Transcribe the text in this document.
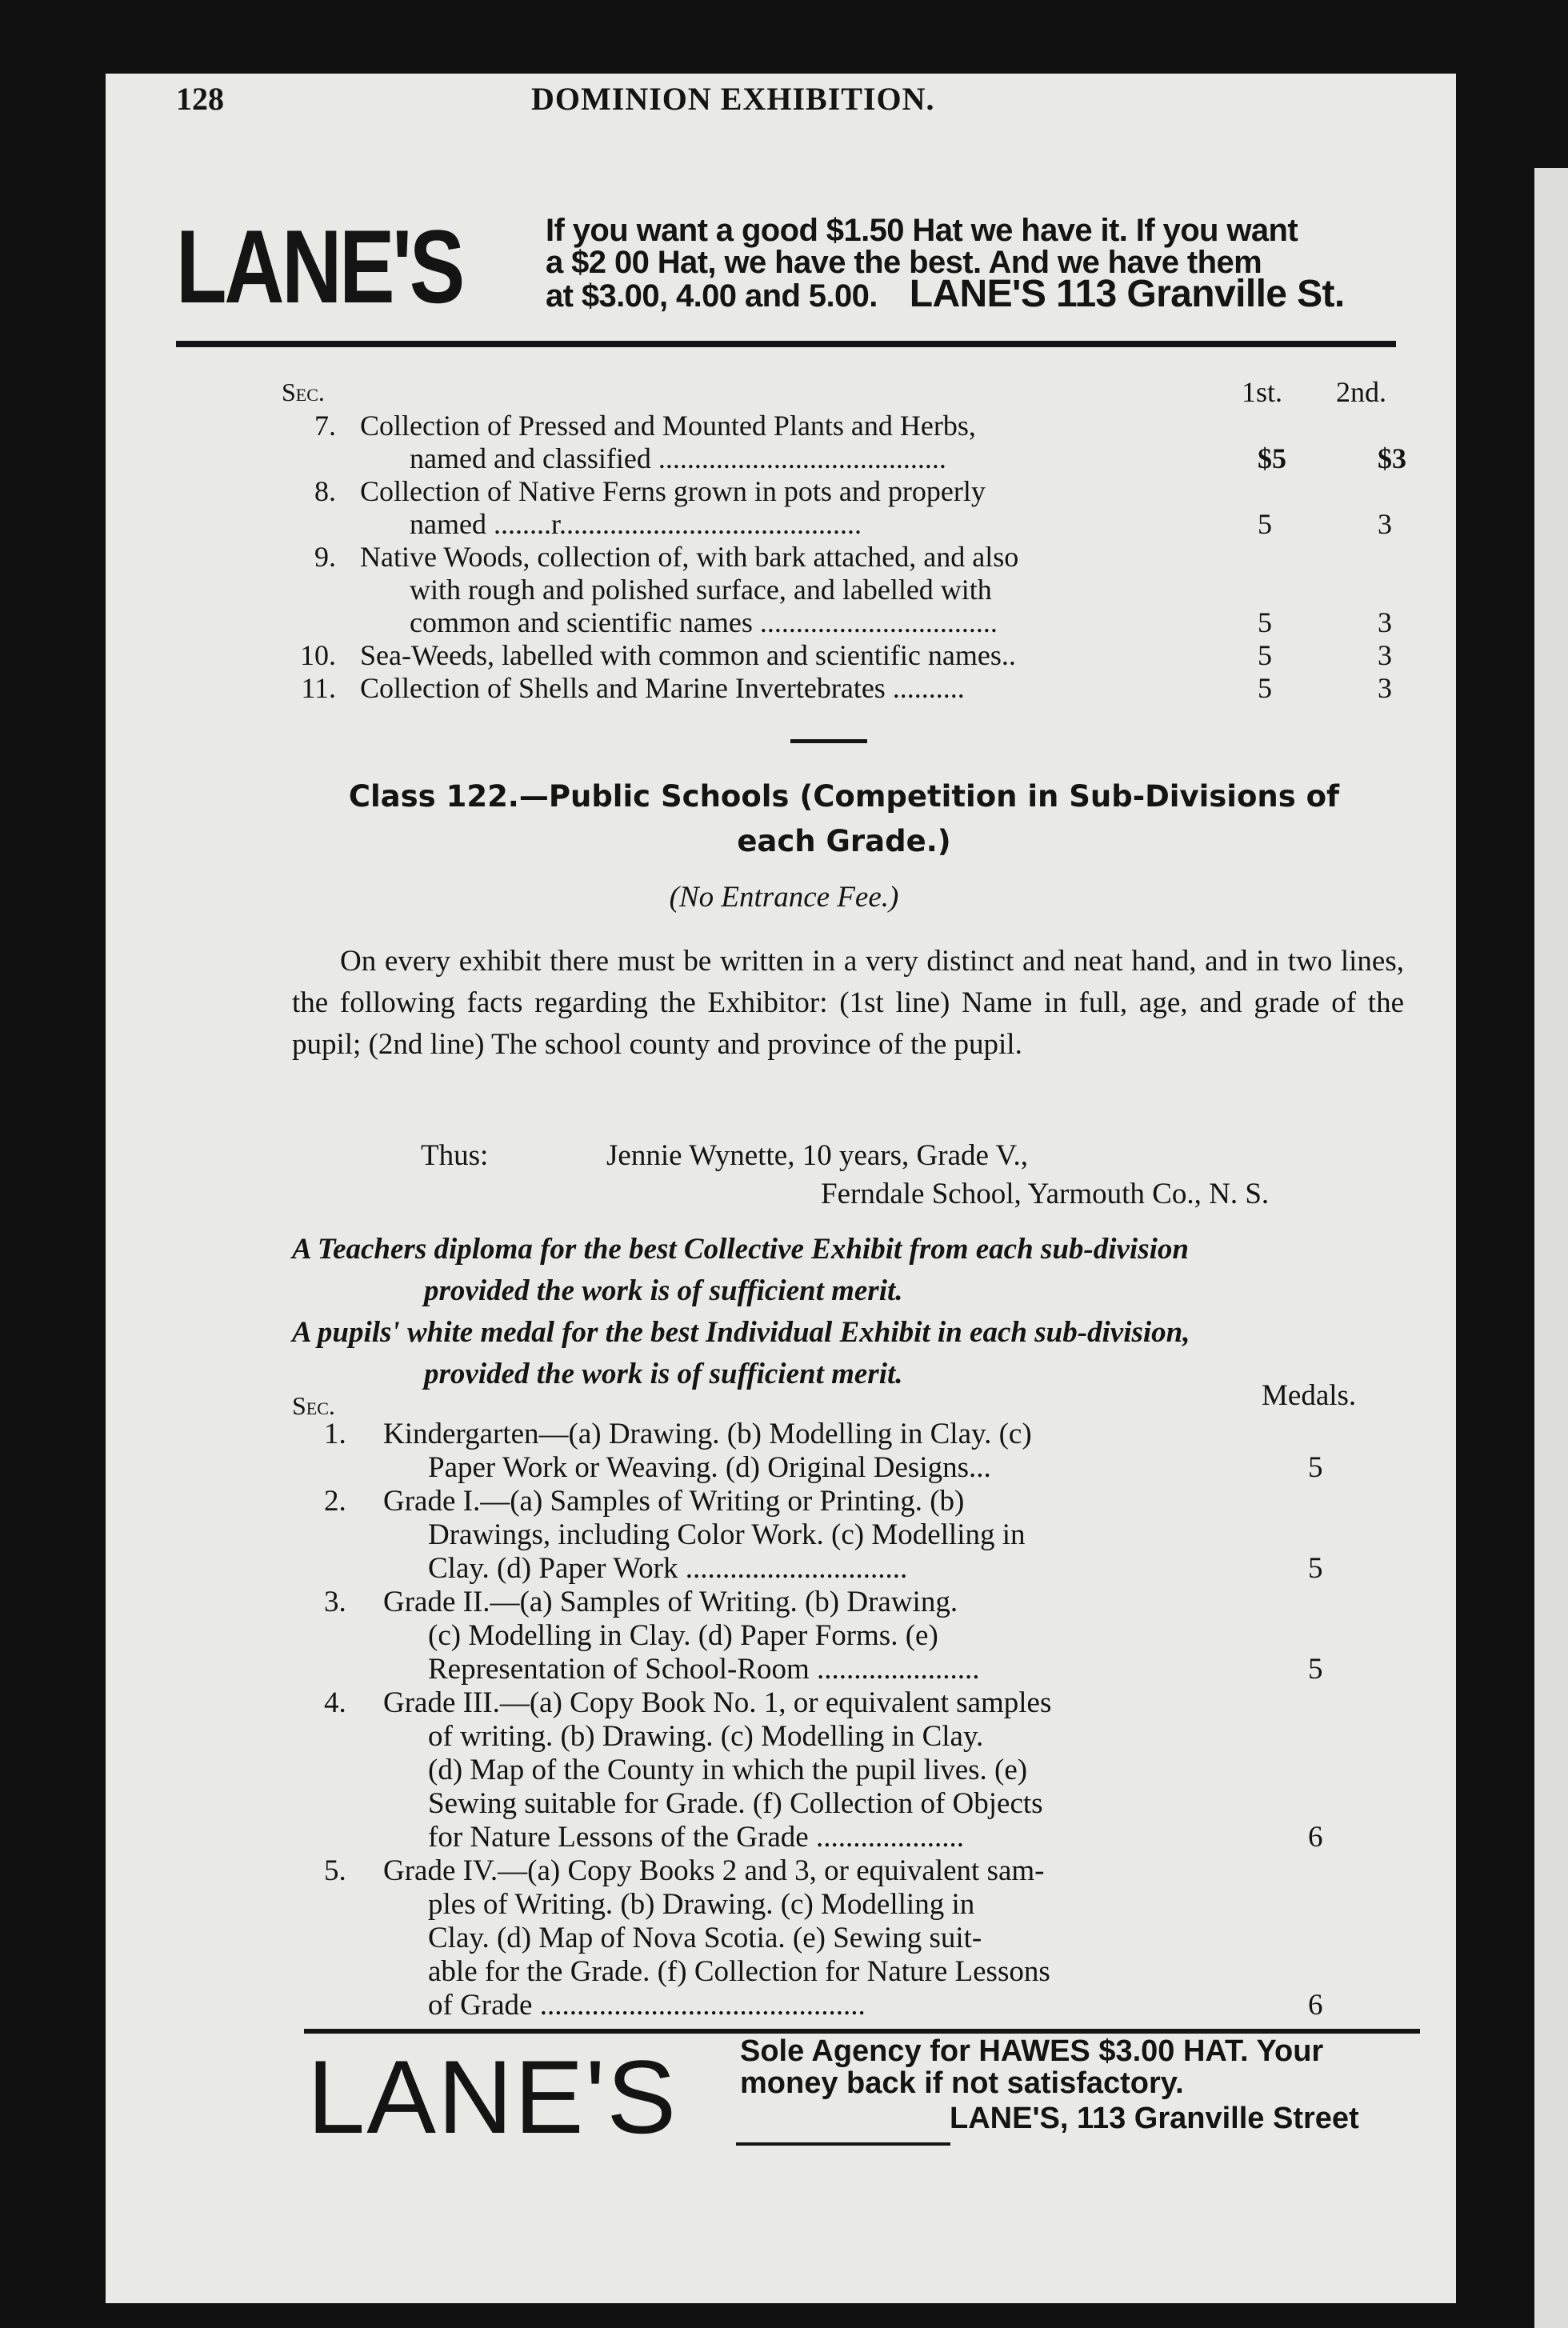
128	DOMINION EXHIBITION.
LANE'S	If you want a good $1.50 Hat we have it. If you want
a $2 00 Hat, we have the best. And we have them
at $3.00, 4.00 and 5.00. LANE'S 113 Granville St.
Sec.	1st. 2nd.
7. Collection of Pressed and Mounted Plants and Herbs,
named and classified ........................................	$5	$3
8. Collection of Native Ferns grown in pots and properly
named ........r..........................................	5	3
9. Native Woods, collection of, with bark attached, and also
with rough and polished surface, and labelled with
common and scientific names .................................	5	3
10. Sea-Weeds, labelled with common and scientific names..	5	3
11. Collection of Shells and Marine Invertebrates ..........	5	3
Class 122.—Public Schools (Competition in Sub-Divisions of
each Grade.)
(No Entrance Fee.)
On every exhibit there must be written in a very distinct and neat hand, and in two lines, the following facts regarding the Exhibitor: (1st line) Name in full, age, and grade of the pupil; (2nd line) The school county and province of the pupil.
Thus:	Jennie Wynette, 10 years, Grade V.,
Ferndale School, Yarmouth Co., N. S.
A Teachers diploma for the best Collective Exhibit from each sub-division
provided the work is of sufficient merit.
A pupils' white medal for the best Individual Exhibit in each sub-division,
provided the work is of sufficient merit.
Sec.	Medals.
1. Kindergarten—(a) Drawing. (b) Modelling in Clay. (c)
Paper Work or Weaving. (d) Original Designs...	5
2. Grade I.—(a) Samples of Writing or Printing. (b)
Drawings, including Color Work. (c) Modelling in
Clay. (d) Paper Work ..............................	5
3. Grade II.—(a) Samples of Writing. (b) Drawing.
(c) Modelling in Clay. (d) Paper Forms. (e)
Representation of School-Room ......................	5
4. Grade III.—(a) Copy Book No. 1, or equivalent samples
of writing. (b) Drawing. (c) Modelling in Clay.
(d) Map of the County in which the pupil lives. (e)
Sewing suitable for Grade. (f) Collection of Objects
for Nature Lessons of the Grade ....................	6
5. Grade IV.—(a) Copy Books 2 and 3, or equivalent sam-
ples of Writing. (b) Drawing. (c) Modelling in
Clay. (d) Map of Nova Scotia. (e) Sewing suit-
able for the Grade. (f) Collection for Nature Lessons
of Grade ............................................	6
LANE'S Sole Agency for HAWES $3.00 HAT. Your
money back if not satisfactory.
LANE'S, 113 Granville Street
